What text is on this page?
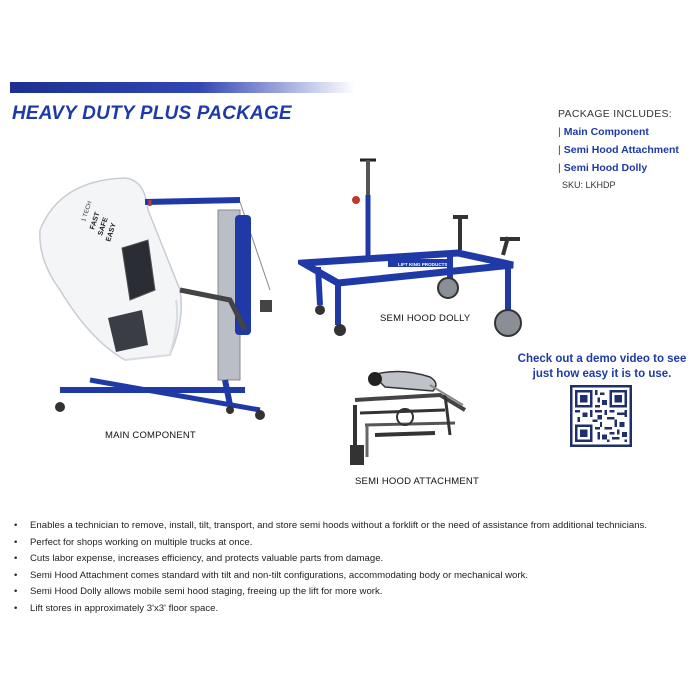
HEAVY DUTY PLUS PACKAGE	PACKAGE INCLUDES:
| Main Component
| Semi Hood Attachment
| Semi Hood Dolly
SKU: LKHDP
1 TECH
FAST
SAFE
EASY
MAIN COMPONENT
LIFT KING PRODUCTS
SEMI HOOD DOLLY
SEMI HOOD ATTACHMENT
Check out a demo video to see just how easy it is to use.
• Enables a technician to remove, install, tilt, transport, and store semi hoods without a forklift or the need of assistance from additional technicians.
• Perfect for shops working on multiple trucks at once.
• Cuts labor expense, increases efficiency, and protects valuable parts from damage.
• Semi Hood Attachment comes standard with tilt and non-tilt configurations, accommodating body or mechanical work.
• Semi Hood Dolly allows mobile semi hood staging, freeing up the lift for more work.
• Lift stores in approximately 3'x3' floor space.
